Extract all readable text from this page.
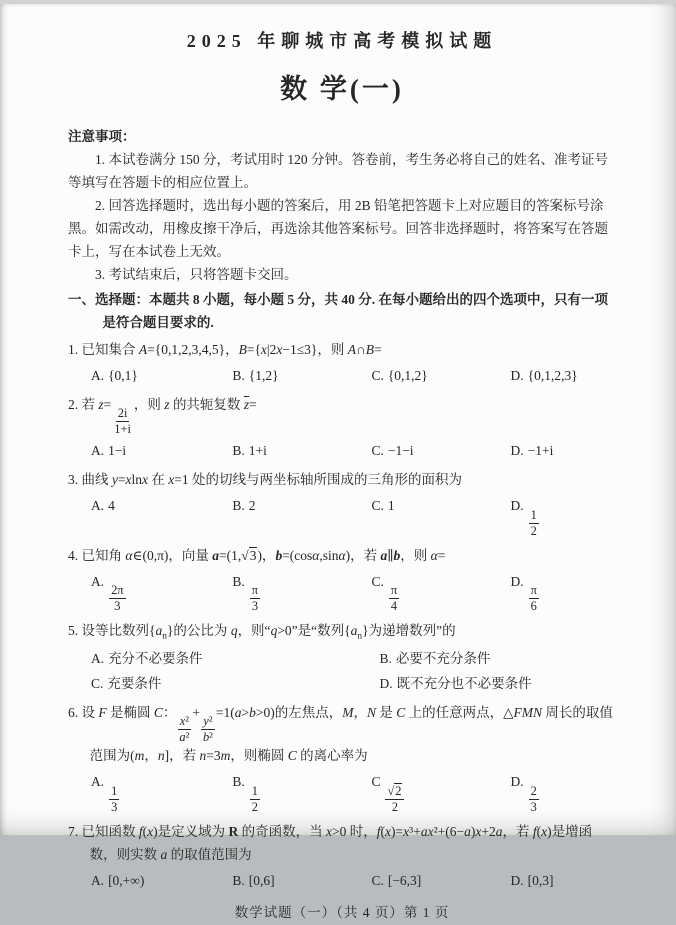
2025 年聊城市高考模拟试题
数 学(一)
注意事项：

1. 本试卷满分 150 分，考试用时 120 分钟。答卷前，考生务必将自己的姓名、准考证号等填写在答题卡的相应位置上。

2. 回答选择题时，选出每小题的答案后，用 2B 铅笔把答题卡上对应题目的答案标号涂黑。如需改动，用橡皮擦干净后，再选涂其他答案标号。回答非选择题时，将答案写在答题卡上，写在本试卷上无效。

3. 考试结束后，只将答题卡交回。

一、选择题：本题共 8 小题，每小题 5 分，共 40 分. 在每小题给出的四个选项中，只有一项是符合题目要求的.

1. 已知集合 A={0,1,2,3,4,5}，B={x|2x−1≤3}，则 A∩B=

A. {0,1}	B. {1,2}	C. {0,1,2}	D. {0,1,2,3}

2. 若 z=
$\frac{2i}{1+i}$
，则 z 的共轭复数 $\overline{z}=$

A. 1−i	B. 1+i	C. −1−i	D. −1+i

3. 曲线 y=xlnx 在 x=1 处的切线与两坐标轴所围成的三角形的面积为

A. 4	B. 2	C. 1	D.
$\frac{1}{2}$

4. 已知角 α∈(0,π)，向量 a=(1,√3)，b=(cosα,sinα)，若 a∥b，则 α=

A.
$\frac{2\pi}{3}$
B.
$\frac{\pi}{3}$
C.
$\frac{\pi}{4}$
D.
$\frac{\pi}{6}$

5. 设等比数列$\{a_n\}$的公比为 q，则“q>0”是“数列$\{a_n\}$为递增数列”的

A. 充分不必要条件	B. 必要不充分条件
C. 充要条件	D. 既不充分也不必要条件

6. 设 F 是椭圆 C：
$\frac{\text{x²}}{\text{a²}}$
+
$\frac{\text{y²}}{\text{b²}}$
=1(a>b>0)的左焦点，M，N 是 C 上的任意两点，△FMN 周长的取值范围为(m，n]，若 n=3m，则椭圆 C 的离心率为

A.
$\frac{1}{3}$
B.
$\frac{1}{2}$
C
$\frac{√2}{2}$
D.
$\frac{2}{3}$

7. 已知函数 f(x)是定义域为 R 的奇函数，当 x>0 时，f(x)=x³+ax²+(6−a)x+2a，若 f(x)是增函数，则实数 a 的取值范围为

A. [0,+∞)	B. [0,6]	C. [−6,3]	D. [0,3]
数学试题（一）（共 4 页）第 1 页
